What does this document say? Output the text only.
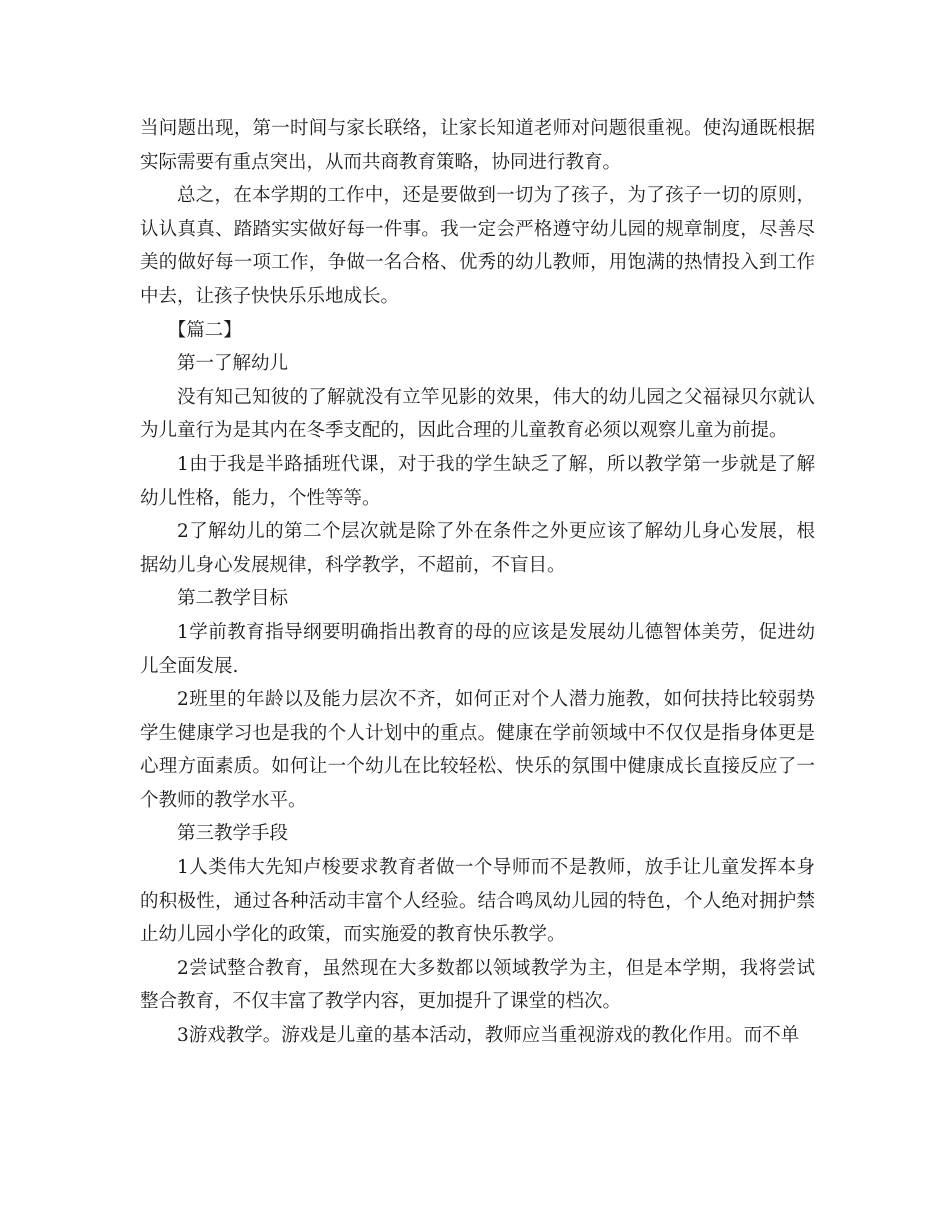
当问题出现，第一时间与家长联络，让家长知道老师对问题很重视。使沟通既根据实际需要有重点突出，从而共商教育策略，协同进行教育。

总之，在本学期的工作中，还是要做到一切为了孩子，为了孩子一切的原则，认认真真、踏踏实实做好每一件事。我一定会严格遵守幼儿园的规章制度，尽善尽美的做好每一项工作，争做一名合格、优秀的幼儿教师，用饱满的热情投入到工作中去，让孩子快快乐乐地成长。

【篇二】

第一了解幼儿

没有知己知彼的了解就没有立竿见影的效果，伟大的幼儿园之父福禄贝尔就认为儿童行为是其内在冬季支配的，因此合理的儿童教育必须以观察儿童为前提。

1由于我是半路插班代课，对于我的学生缺乏了解，所以教学第一步就是了解幼儿性格，能力，个性等等。

2了解幼儿的第二个层次就是除了外在条件之外更应该了解幼儿身心发展，根据幼儿身心发展规律，科学教学，不超前，不盲目。

第二教学目标

1学前教育指导纲要明确指出教育的母的应该是发展幼儿德智体美劳，促进幼儿全面发展.

2班里的年龄以及能力层次不齐，如何正对个人潜力施教，如何扶持比较弱势学生健康学习也是我的个人计划中的重点。健康在学前领域中不仅仅是指身体更是心理方面素质。如何让一个幼儿在比较轻松、快乐的氛围中健康成长直接反应了一个教师的教学水平。

第三教学手段

1人类伟大先知卢梭要求教育者做一个导师而不是教师，放手让儿童发挥本身的积极性，通过各种活动丰富个人经验。结合鸣凤幼儿园的特色，个人绝对拥护禁止幼儿园小学化的政策，而实施爱的教育快乐教学。

2尝试整合教育，虽然现在大多数都以领域教学为主，但是本学期，我将尝试整合教育，不仅丰富了教学内容，更加提升了课堂的档次。

3游戏教学。游戏是儿童的基本活动，教师应当重视游戏的教化作用。而不单
